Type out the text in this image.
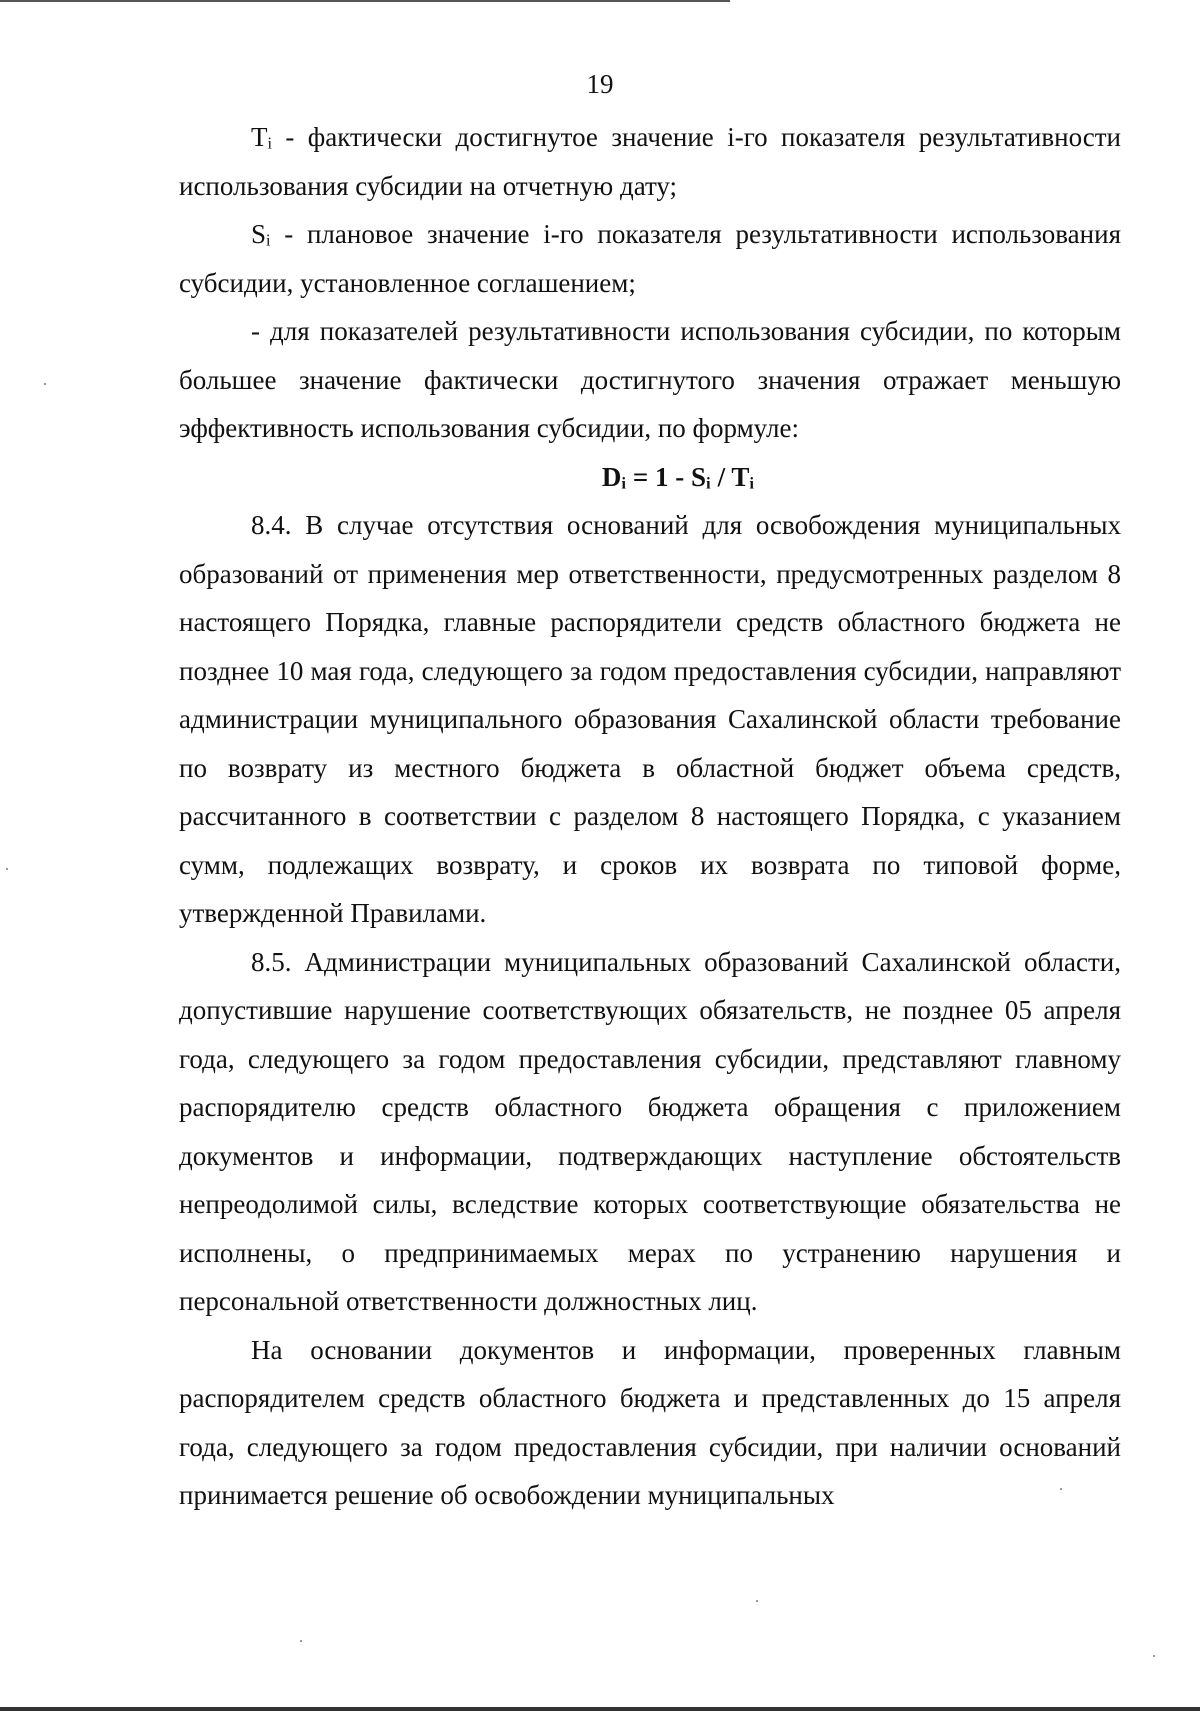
19

Tᵢ - фактически достигнутое значение i-го показателя результативности использования субсидии на отчетную дату;

Sᵢ - плановое значение i-го показателя результативности использования субсидии, установленное соглашением;

- для показателей результативности использования субсидии, по которым большее значение фактически достигнутого значения отражает меньшую эффективность использования субсидии, по формуле:

Dᵢ = 1 - Sᵢ / Tᵢ

8.4. В случае отсутствия оснований для освобождения муниципальных образований от применения мер ответственности, предусмотренных разделом 8 настоящего Порядка, главные распорядители средств областного бюджета не позднее 10 мая года, следующего за годом предоставления субсидии, направляют администрации муниципального образования Сахалинской области требование по возврату из местного бюджета в областной бюджет объема средств, рассчитанного в соответствии с разделом 8 настоящего Порядка, с указанием сумм, подлежащих возврату, и сроков их возврата по типовой форме, утвержденной Правилами.

8.5. Администрации муниципальных образований Сахалинской области, допустившие нарушение соответствующих обязательств, не позднее 05 апреля года, следующего за годом предоставления субсидии, представляют главному распорядителю средств областного бюджета обращения с приложением документов и информации, подтверждающих наступление обстоятельств непреодолимой силы, вследствие которых соответствующие обязательства не исполнены, о предпринимаемых мерах по устранению нарушения и персональной ответственности должностных лиц.

На основании документов и информации, проверенных главным распорядителем средств областного бюджета и представленных до 15 апреля года, следующего за годом предоставления субсидии, при наличии оснований принимается решение об освобождении муниципальных
